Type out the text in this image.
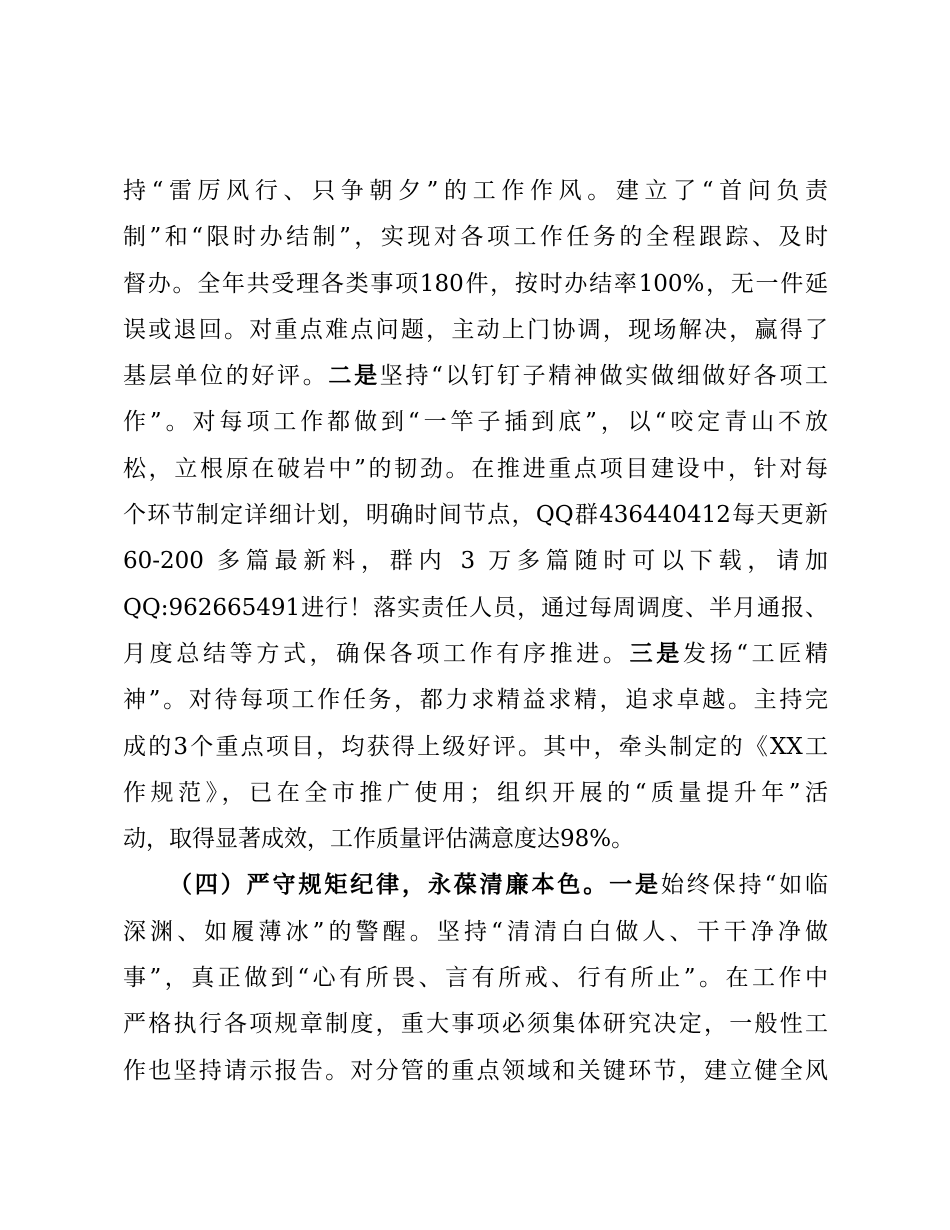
持“雷厉风行、只争朝夕”的工作作风。建立了“首问负责
制”和“限时办结制”，实现对各项工作任务的全程跟踪、及时
督办。全年共受理各类事项180件，按时办结率100%，无一件延
误或退回。对重点难点问题，主动上门协调，现场解决，赢得了
基层单位的好评。二是坚持“以钉钉子精神做实做细做好各项工
作”。对每项工作都做到“一竿子插到底”，以“咬定青山不放
松，立根原在破岩中”的韧劲。在推进重点项目建设中，针对每
个环节制定详细计划，明确时间节点，QQ群436440412每天更新
60-200 多篇最新料，群内 3 万多篇随时可以下载，请加
QQ:962665491进行！落实责任人员，通过每周调度、半月通报、
月度总结等方式，确保各项工作有序推进。三是发扬“工匠精
神”。对待每项工作任务，都力求精益求精，追求卓越。主持完
成的3个重点项目，均获得上级好评。其中，牵头制定的《XX工
作规范》，已在全市推广使用；组织开展的“质量提升年”活
动，取得显著成效，工作质量评估满意度达98%。
（四）严守规矩纪律，永葆清廉本色。一是始终保持“如临
深渊、如履薄冰”的警醒。坚持“清清白白做人、干干净净做
事”，真正做到“心有所畏、言有所戒、行有所止”。在工作中
严格执行各项规章制度，重大事项必须集体研究决定，一般性工
作也坚持请示报告。对分管的重点领域和关键环节，建立健全风
